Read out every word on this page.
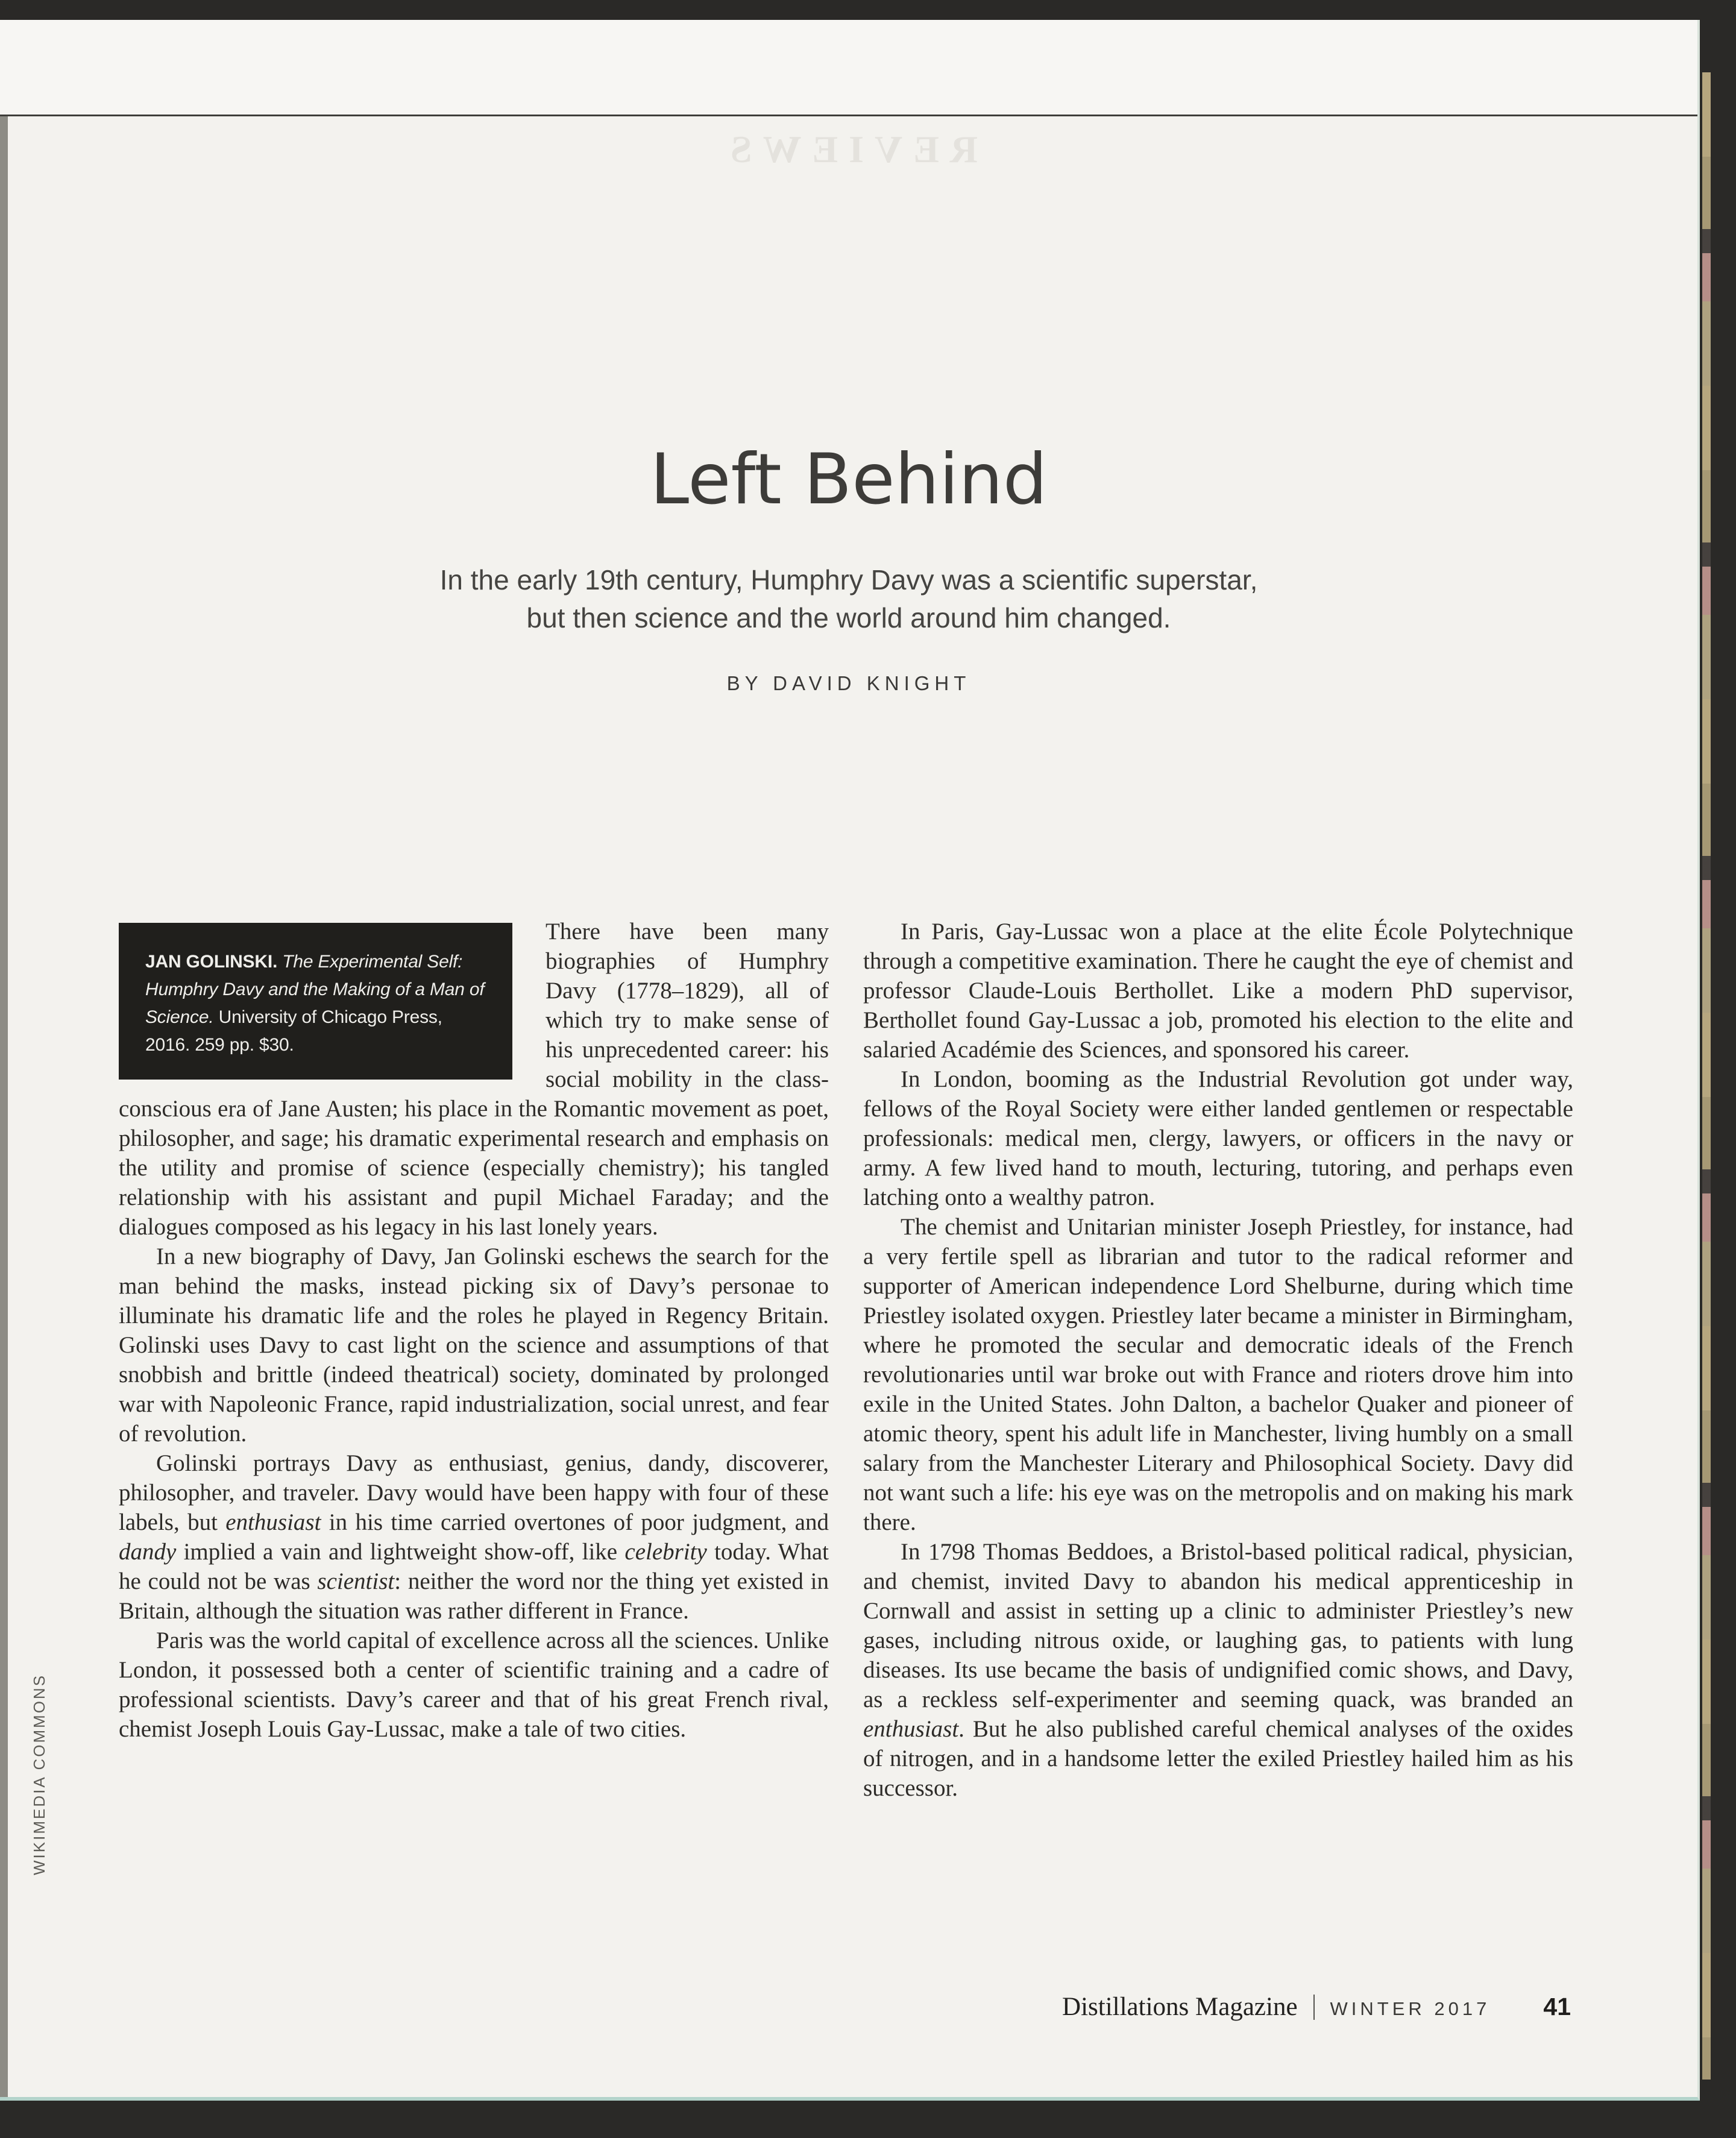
REVIEWS
Left Behind
In the early 19th century, Humphry Davy was a scientific superstar,
but then science and the world around him changed.
BY DAVID KNIGHT
JAN GOLINSKI. The Experimental Self: Humphry Davy and the Making of a Man of Science. University of Chicago Press, 2016. 259 pp. $30.

There have been many biographies of Humphry Davy (1778–1829), all of which try to make sense of his unprecedented career: his social mobility in the class-conscious era of Jane Austen; his place in the Romantic movement as poet, philosopher, and sage; his dramatic experimental research and emphasis on the utility and promise of science (especially chemistry); his tangled relationship with his assistant and pupil Michael Faraday; and the dialogues composed as his legacy in his last lonely years.

In a new biography of Davy, Jan Golinski eschews the search for the man behind the masks, instead picking six of Davy’s personae to illuminate his dramatic life and the roles he played in Regency Britain. Golinski uses Davy to cast light on the science and assumptions of that snobbish and brittle (indeed theatrical) society, dominated by prolonged war with Napoleonic France, rapid industrialization, social unrest, and fear of revolution.

Golinski portrays Davy as enthusiast, genius, dandy, discoverer, philosopher, and traveler. Davy would have been happy with four of these labels, but enthusiast in his time carried overtones of poor judgment, and dandy implied a vain and lightweight show-off, like celebrity today. What he could not be was scientist: neither the word nor the thing yet existed in Britain, although the situation was rather different in France.

Paris was the world capital of excellence across all the sciences. Unlike London, it possessed both a center of scientific training and a cadre of professional scientists. Davy’s career and that of his great French rival, chemist Joseph Louis Gay-Lussac, make a tale of two cities.

In Paris, Gay-Lussac won a place at the elite École Polytechnique through a competitive examination. There he caught the eye of chemist and professor Claude-Louis Berthollet. Like a modern PhD supervisor, Berthollet found Gay-Lussac a job, promoted his election to the elite and salaried Académie des Sciences, and sponsored his career.

In London, booming as the Industrial Revolution got under way, fellows of the Royal Society were either landed gentlemen or respectable professionals: medical men, clergy, lawyers, or officers in the navy or army. A few lived hand to mouth, lecturing, tutoring, and perhaps even latching onto a wealthy patron.

The chemist and Unitarian minister Joseph Priestley, for instance, had a very fertile spell as librarian and tutor to the radical reformer and supporter of American independence Lord Shelburne, during which time Priestley isolated oxygen. Priestley later became a minister in Birmingham, where he promoted the secular and democratic ideals of the French revolutionaries until war broke out with France and rioters drove him into exile in the United States. John Dalton, a bachelor Quaker and pioneer of atomic theory, spent his adult life in Manchester, living humbly on a small salary from the Manchester Literary and Philosophical Society. Davy did not want such a life: his eye was on the metropolis and on making his mark there.

In 1798 Thomas Beddoes, a Bristol-based political radical, physician, and chemist, invited Davy to abandon his medical apprenticeship in Cornwall and assist in setting up a clinic to administer Priestley’s new gases, including nitrous oxide, or laughing gas, to patients with lung diseases. Its use became the basis of undignified comic shows, and Davy, as a reckless self-experimenter and seeming quack, was branded an enthusiast. But he also published careful chemical analyses of the oxides of nitrogen, and in a handsome letter the exiled Priestley hailed him as his successor.

WIKIMEDIA COMMONS
Distillations Magazine WINTER 2017 41
